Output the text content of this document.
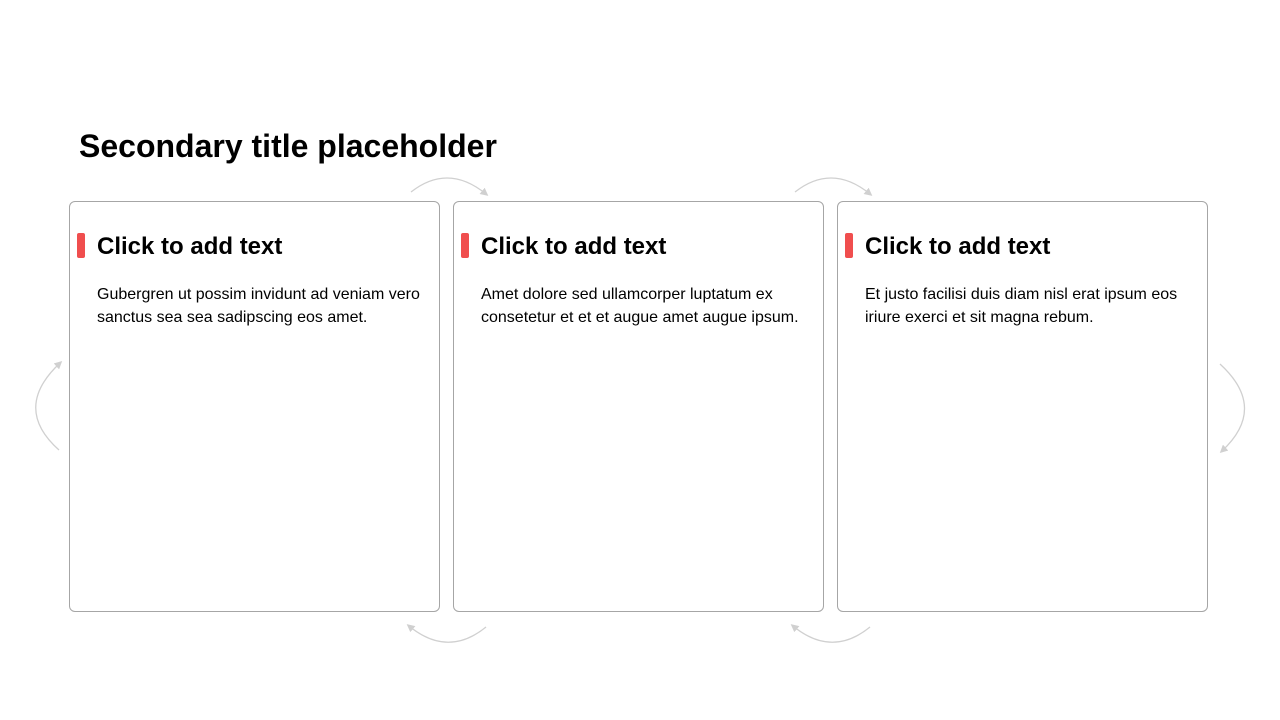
Secondary title placeholder
Click to add text

Gubergren ut possim invidunt ad veniam vero sanctus sea sea sadipscing eos amet.

Click to add text

Amet dolore sed ullamcorper luptatum ex consetetur et et et augue amet augue ipsum.

Click to add text

Et justo facilisi duis diam nisl erat ipsum eos iriure exerci et sit magna rebum.
